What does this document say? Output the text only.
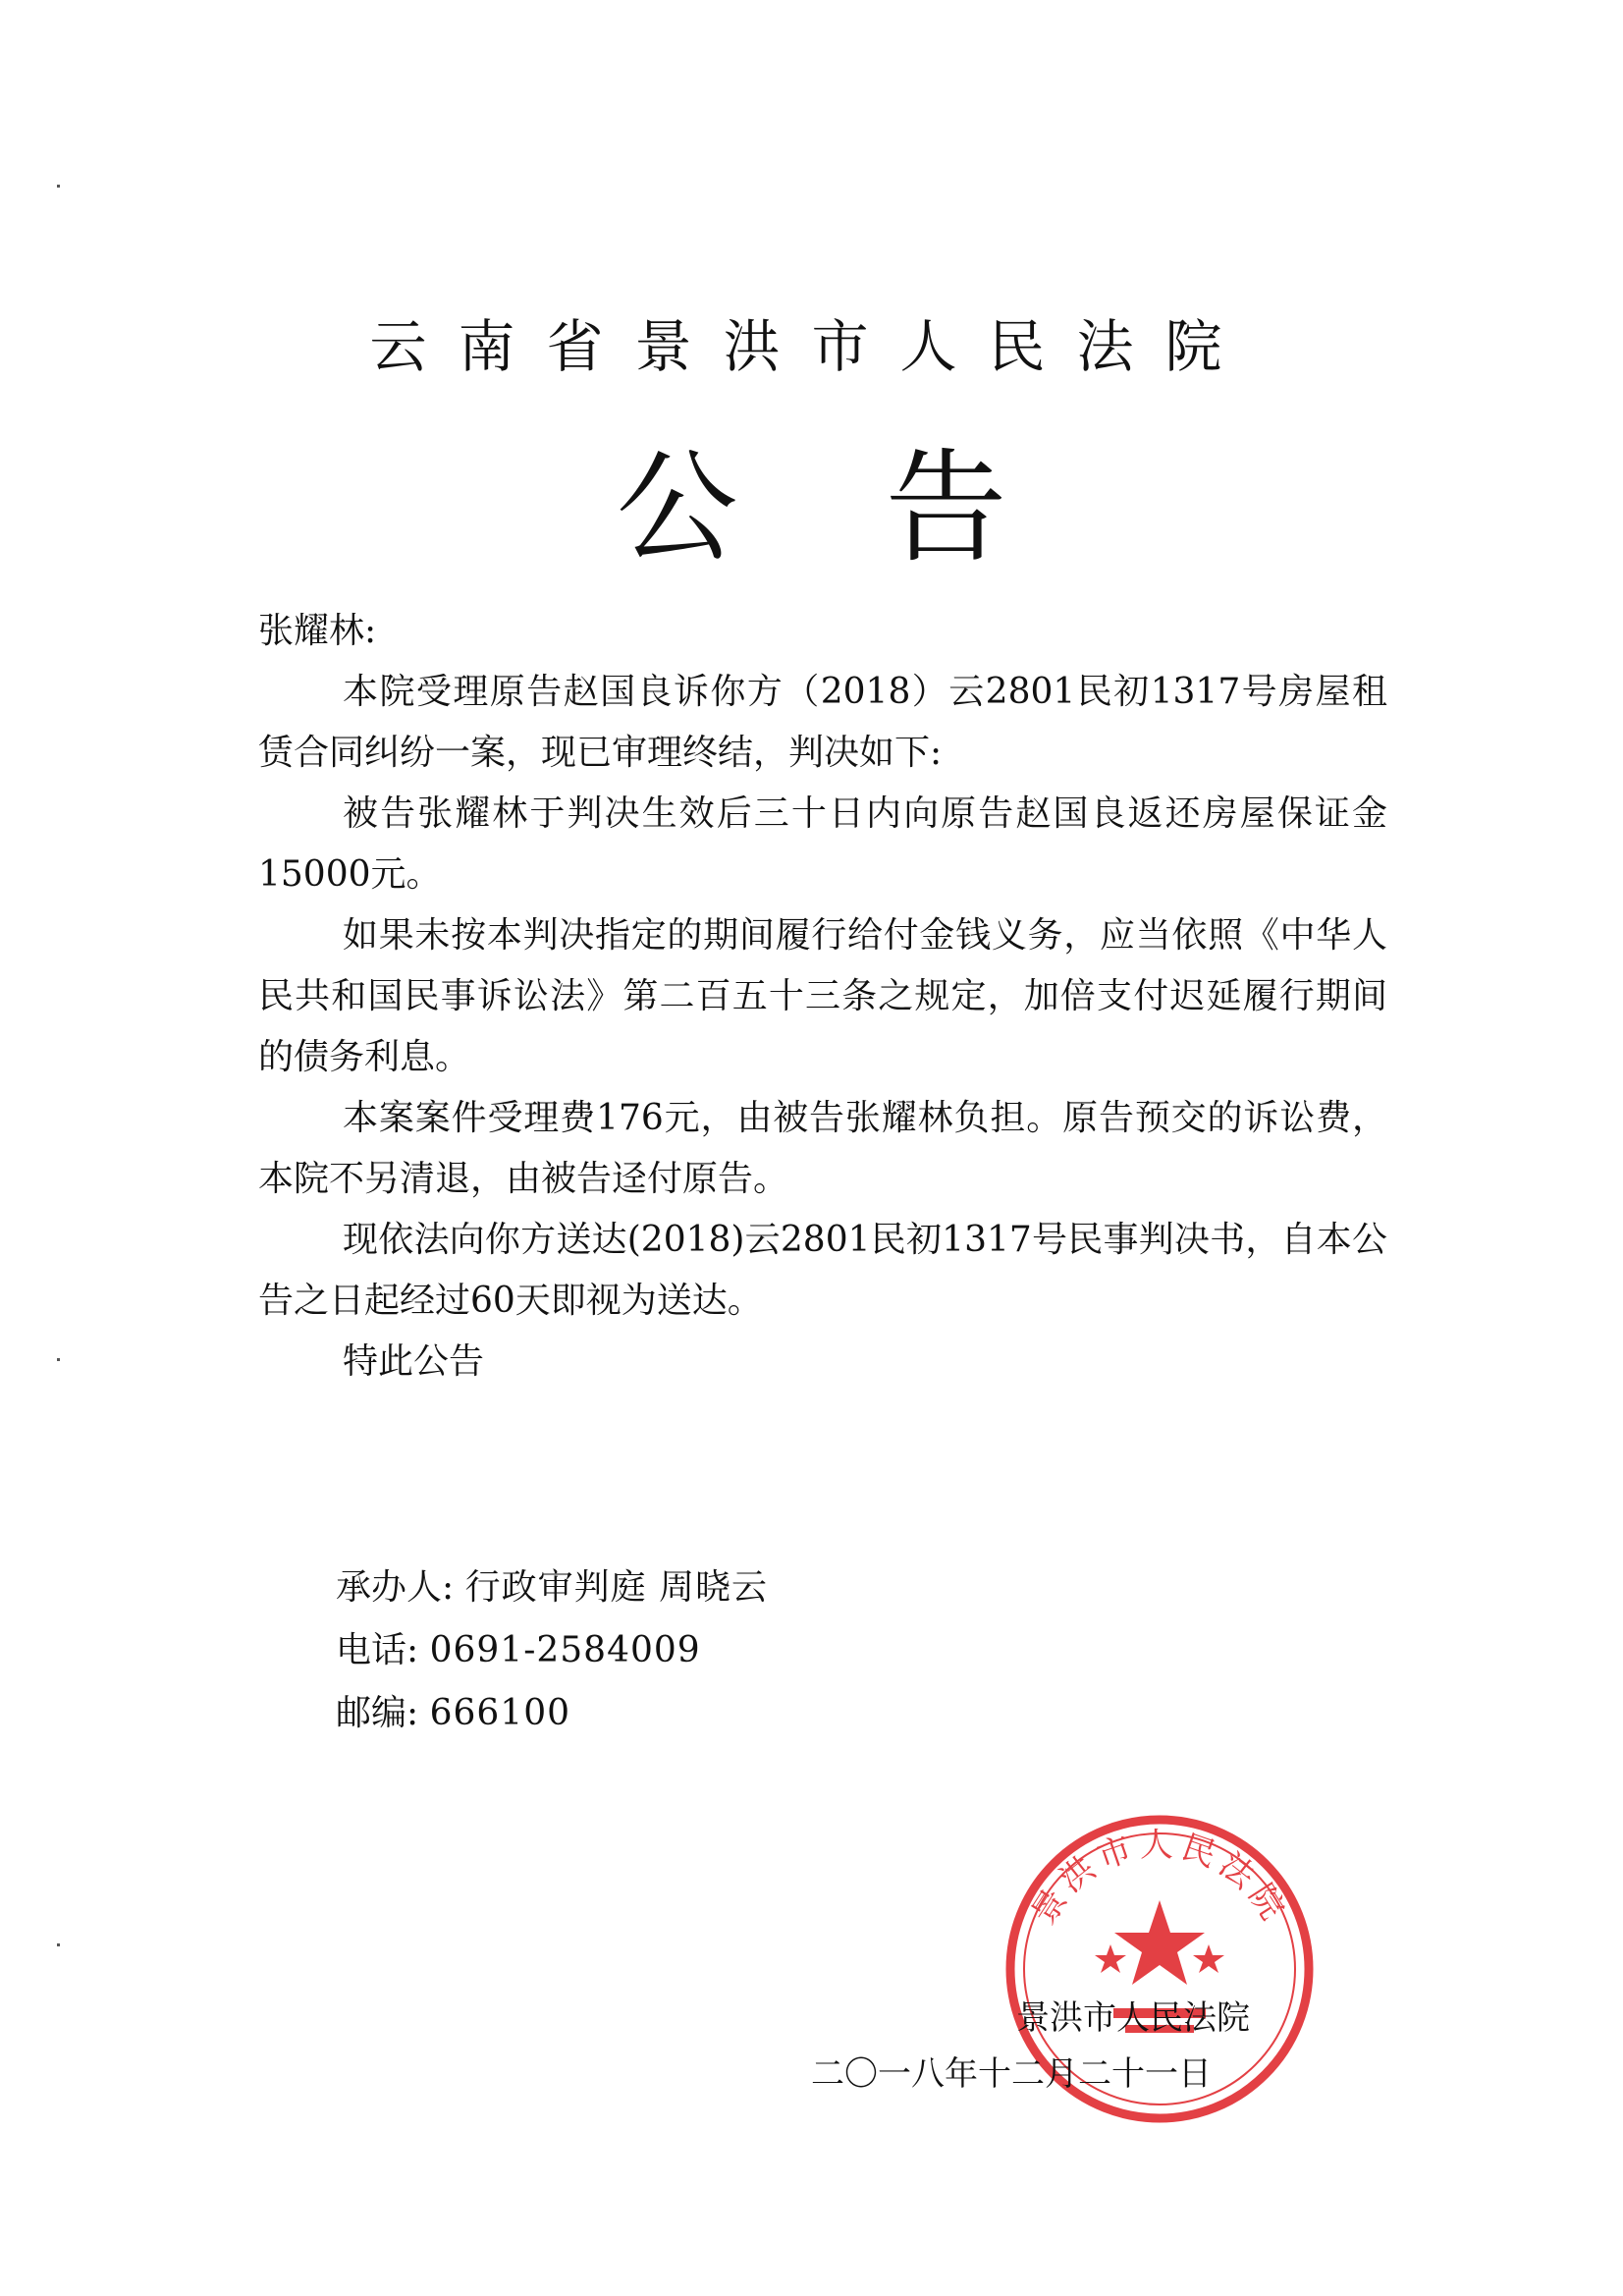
云南省景洪市人民法院
公告

张耀林:

本院受理原告赵国良诉你方（2018）云2801民初1317号房屋租赁合同纠纷一案，现已审理终结，判决如下:

被告张耀林于判决生效后三十日内向原告赵国良返还房屋保证金15000元。

如果未按本判决指定的期间履行给付金钱义务，应当依照《中华人民共和国民事诉讼法》第二百五十三条之规定，加倍支付迟延履行期间的债务利息。

本案案件受理费176元，由被告张耀林负担。原告预交的诉讼费，本院不另清退，由被告迳付原告。

现依法向你方送达(2018)云2801民初1317号民事判决书，自本公告之日起经过60天即视为送达。

特此公告

承办人: 行政审判庭 周晓云
电话: 0691-2584009
邮编: 666100
景洪市人民法院
景洪市人民法院
二〇一八年十二月二十一日
